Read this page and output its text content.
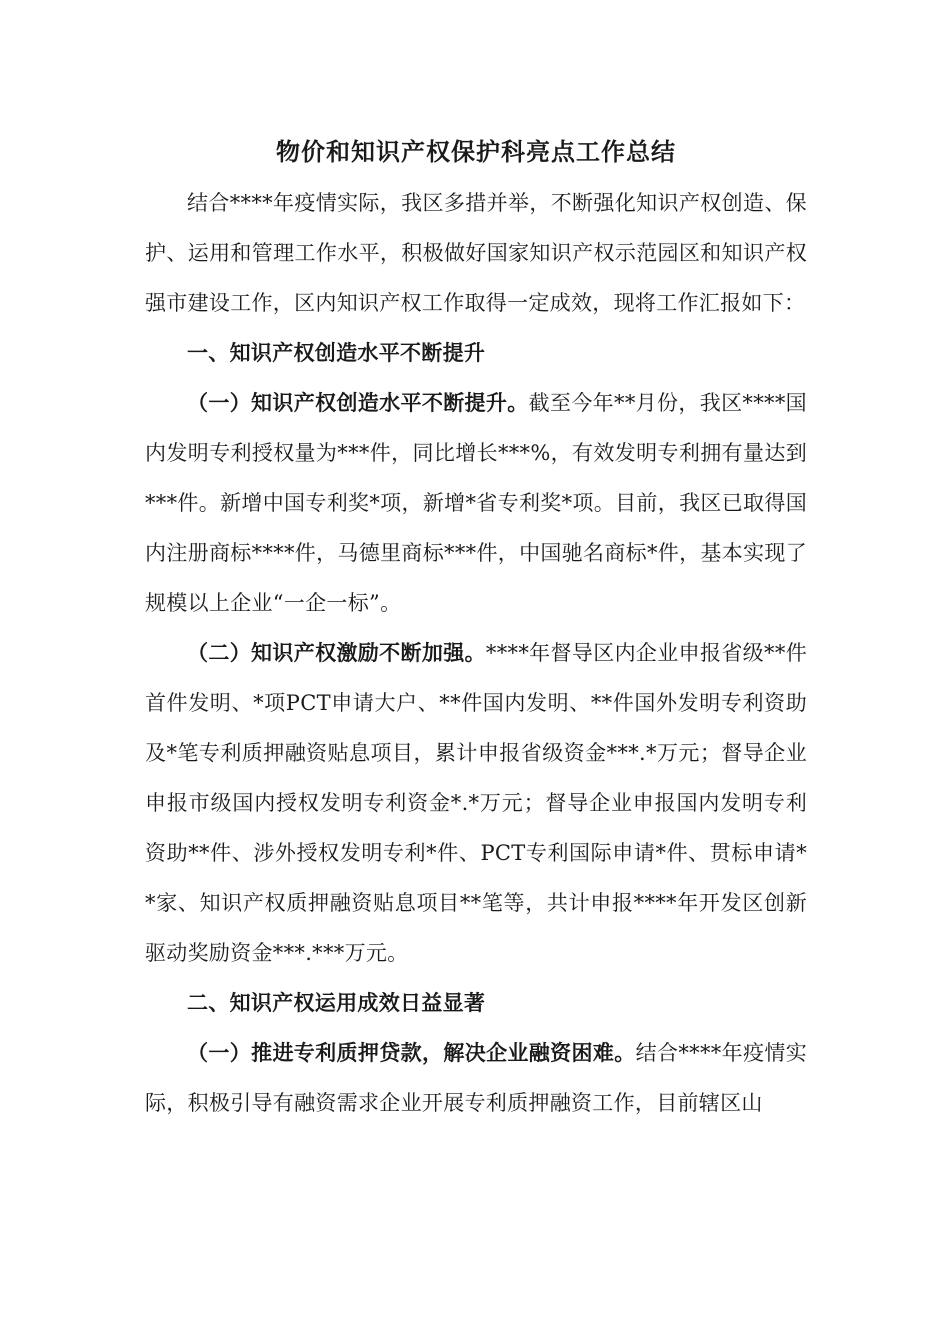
物价和知识产权保护科亮点工作总结

结合****年疫情实际，我区多措并举，不断强化知识产权创造、保护、运用和管理工作水平，积极做好国家知识产权示范园区和知识产权强市建设工作，区内知识产权工作取得一定成效，现将工作汇报如下：

一、知识产权创造水平不断提升

（一）知识产权创造水平不断提升。截至今年**月份，我区****国内发明专利授权量为***件，同比增长***%，有效发明专利拥有量达到***件。新增中国专利奖*项，新增*省专利奖*项。目前，我区已取得国内注册商标****件，马德里商标***件，中国驰名商标*件，基本实现了规模以上企业“一企一标”。

（二）知识产权激励不断加强。****年督导区内企业申报省级**件首件发明、*项PCT申请大户、**件国内发明、**件国外发明专利资助及*笔专利质押融资贴息项目，累计申报省级资金***.*万元；督导企业申报市级国内授权发明专利资金*.*万元；督导企业申报国内发明专利资助**件、涉外授权发明专利*件、PCT专利国际申请*件、贯标申请**家、知识产权质押融资贴息项目**笔等，共计申报****年开发区创新驱动奖励资金***.***万元。

二、知识产权运用成效日益显著

（一）推进专利质押贷款，解决企业融资困难。结合****年疫情实际，积极引导有融资需求企业开展专利质押融资工作，目前辖区山
